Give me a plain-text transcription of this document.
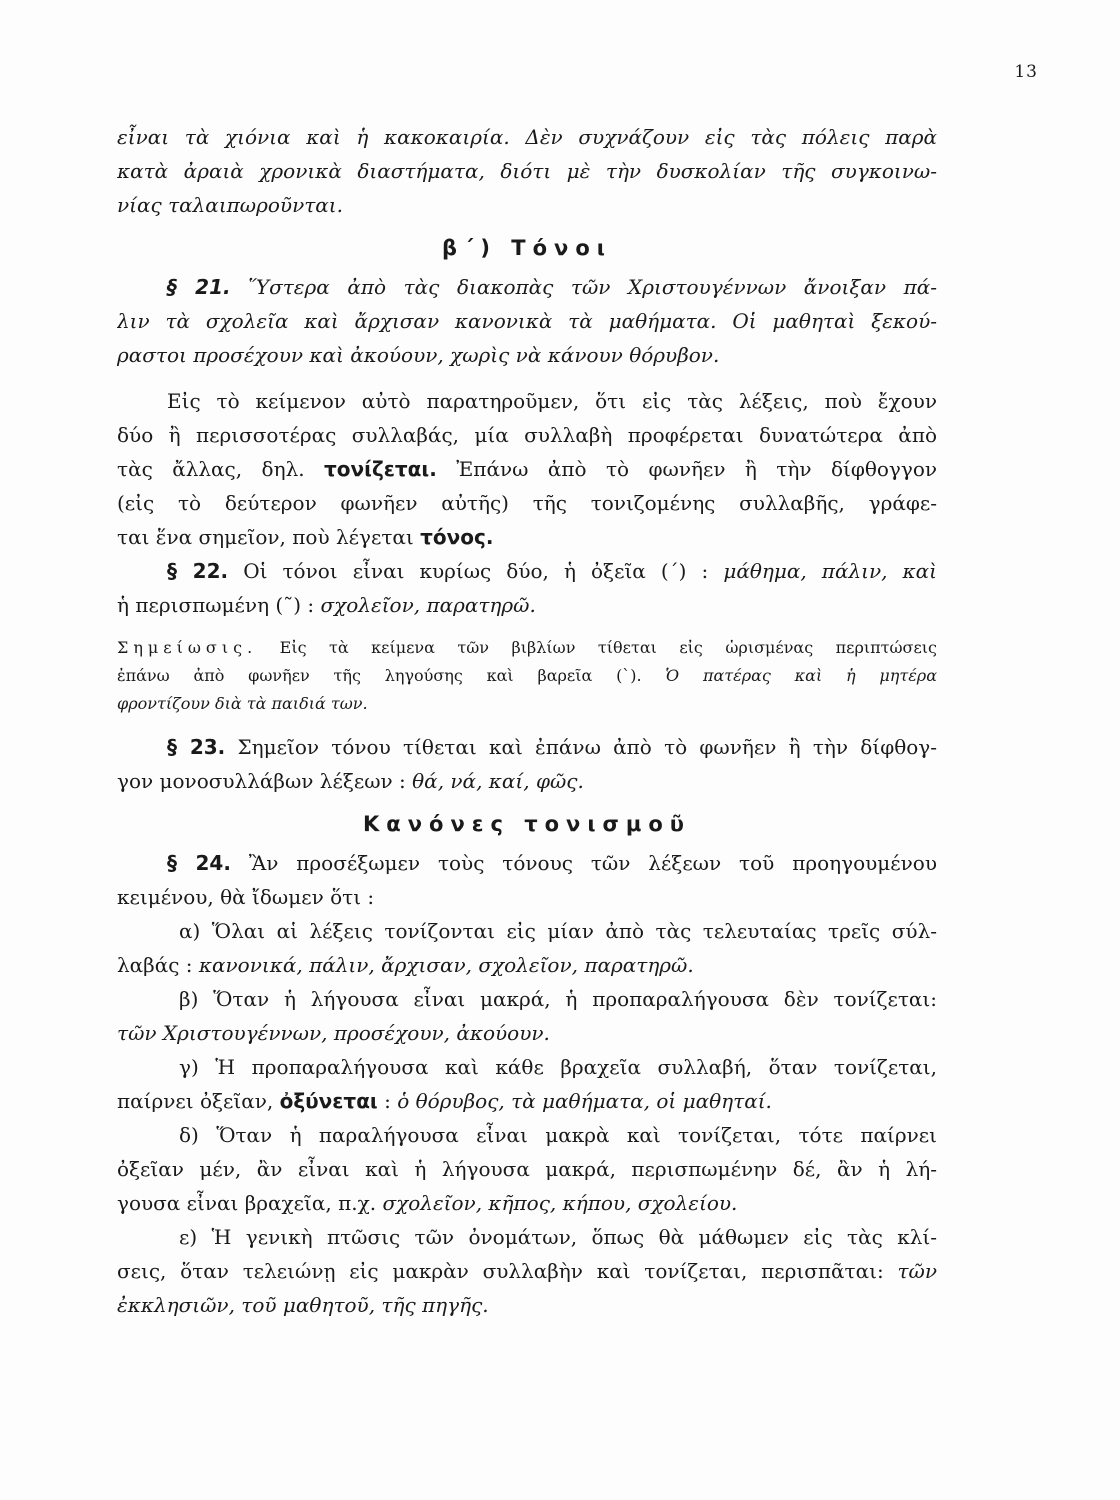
13
εἶναι τὰ χιόνια καὶ ἡ κακοκαιρία. Δὲν συχνάζουν εἰς τὰς πόλεις παρὰ
κατὰ ἀραιὰ χρονικὰ διαστήματα, διότι μὲ τὴν δυσκολίαν τῆς συγκοινω-
νίας ταλαιπωροῦνται.
β΄) Τόνοι
§ 21. Ὕστερα ἀπὸ τὰς διακοπὰς τῶν Χριστουγέννων ἄνοιξαν πά-
λιν τὰ σχολεῖα καὶ ἄρχισαν κανονικὰ τὰ μαθήματα. Οἱ μαθηταὶ ξεκού-
ραστοι προσέχουν καὶ ἀκούουν, χωρὶς νὰ κάνουν θόρυβον.
Εἰς τὸ κείμενον αὐτὸ παρατηροῦμεν, ὅτι εἰς τὰς λέξεις, ποὺ ἔχουν
δύο ἢ περισσοτέρας συλλαβάς, μία συλλαβὴ προφέρεται δυνατώτερα ἀπὸ
τὰς ἄλλας, δηλ. τονίζεται. Ἐπάνω ἀπὸ τὸ φωνῆεν ἢ τὴν δίφθογγον
(εἰς τὸ δεύτερον φωνῆεν αὐτῆς) τῆς τονιζομένης συλλαβῆς, γράφε-
ται ἕνα σημεῖον, ποὺ λέγεται τόνος.
§ 22. Οἱ τόνοι εἶναι κυρίως δύο, ἡ ὀξεῖα (΄) : μάθημα, πάλιν, καὶ
ἡ περισπωμένη (῀) : σχολεῖον, παρατηρῶ.
Σημείωσις. Εἰς τὰ κείμενα τῶν βιβλίων τίθεται εἰς ὡρισμένας περιπτώσεις
ἐπάνω ἀπὸ φωνῆεν τῆς ληγούσης καὶ βαρεῖα (`). Ὁ πατέρας καὶ ἡ μητέρα
φροντίζουν διὰ τὰ παιδιά των.
§ 23. Σημεῖον τόνου τίθεται καὶ ἐπάνω ἀπὸ τὸ φωνῆεν ἢ τὴν δίφθογ-
γον μονοσυλλάβων λέξεων : θά, νά, καί, φῶς.
Κανόνες τονισμοῦ
§ 24. Ἂν προσέξωμεν τοὺς τόνους τῶν λέξεων τοῦ προηγουμένου
κειμένου, θὰ ἴδωμεν ὅτι :
α) Ὅλαι αἱ λέξεις τονίζονται εἰς μίαν ἀπὸ τὰς τελευταίας τρεῖς σύλ-
λαβάς : κανονικά, πάλιν, ἄρχισαν, σχολεῖον, παρατηρῶ.
β) Ὅταν ἡ λήγουσα εἶναι μακρά, ἡ προπαραλήγουσα δὲν τονίζεται:
τῶν Χριστουγέννων, προσέχουν, ἀκούουν.
γ) Ἡ προπαραλήγουσα καὶ κάθε βραχεῖα συλλαβή, ὅταν τονίζεται,
παίρνει ὀξεῖαν, ὀξύνεται : ὁ θόρυβος, τὰ μαθήματα, οἱ μαθηταί.
δ) Ὅταν ἡ παραλήγουσα εἶναι μακρὰ καὶ τονίζεται, τότε παίρνει
ὀξεῖαν μέν, ἂν εἶναι καὶ ἡ λήγουσα μακρά, περισπωμένην δέ, ἂν ἡ λή-
γουσα εἶναι βραχεῖα, π.χ. σχολεῖον, κῆπος, κήπου, σχολείου.
ε) Ἡ γενικὴ πτῶσις τῶν ὀνομάτων, ὅπως θὰ μάθωμεν εἰς τὰς κλί-
σεις, ὅταν τελειώνῃ εἰς μακρὰν συλλαβὴν καὶ τονίζεται, περισπᾶται: τῶν
ἐκκλησιῶν, τοῦ μαθητοῦ, τῆς πηγῆς.
